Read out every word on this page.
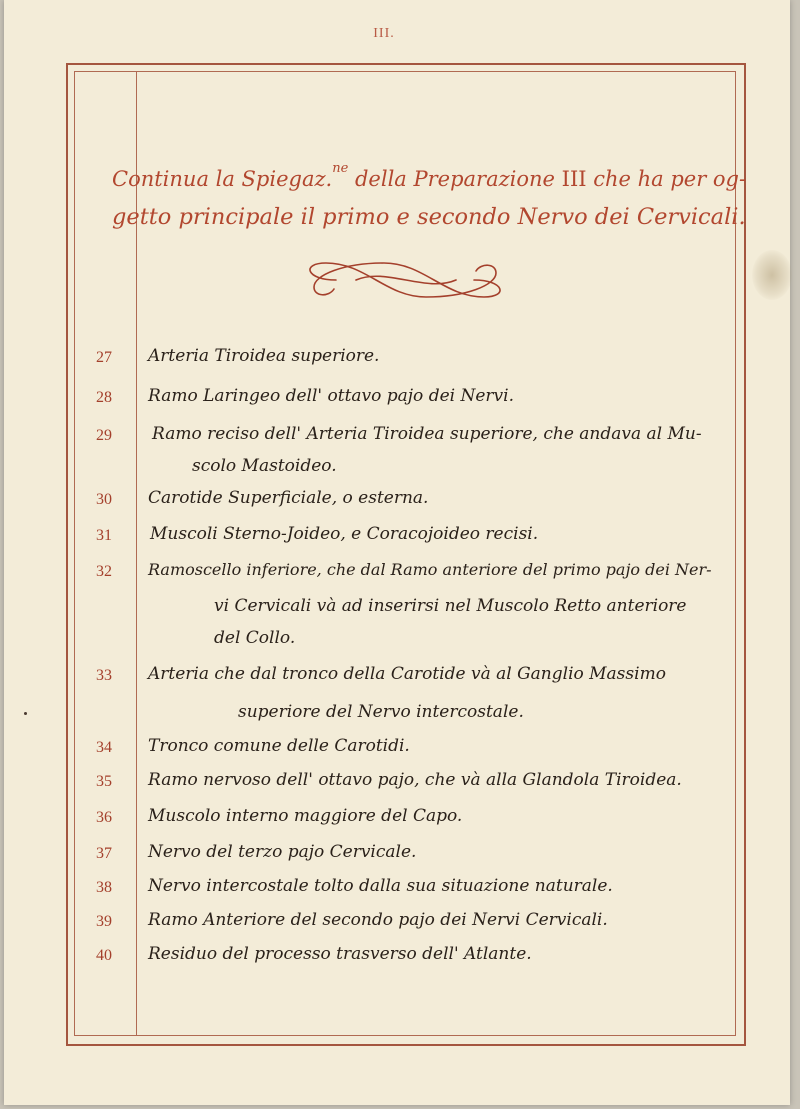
III.
Continua la Spiegaz.$^{ne}$ della Preparazione III che ha per og-
getto principale il primo e secondo Nervo dei Cervicali.
27	Arteria Tiroidea superiore.
28	Ramo Laringeo dell' ottavo pajo dei Nervi.
29	Ramo reciso dell' Arteria Tiroidea superiore, che andava al Mu-
scolo Mastoideo.
30	Carotide Superficiale, o esterna.
31	Muscoli Sterno-Joideo, e Coracojoideo recisi.
32	Ramoscello inferiore, che dal Ramo anteriore del primo pajo dei Ner-
vi Cervicali và ad inserirsi nel Muscolo Retto anteriore
del Collo.
33	Arteria che dal tronco della Carotide và al Ganglio Massimo
superiore del Nervo intercostale.
34	Tronco comune delle Carotidi.
35	Ramo nervoso dell' ottavo pajo, che và alla Glandola Tiroidea.
36	Muscolo interno maggiore del Capo.
37	Nervo del terzo pajo Cervicale.
38	Nervo intercostale tolto dalla sua situazione naturale.
39	Ramo Anteriore del secondo pajo dei Nervi Cervicali.
40	Residuo del processo trasverso dell' Atlante.
